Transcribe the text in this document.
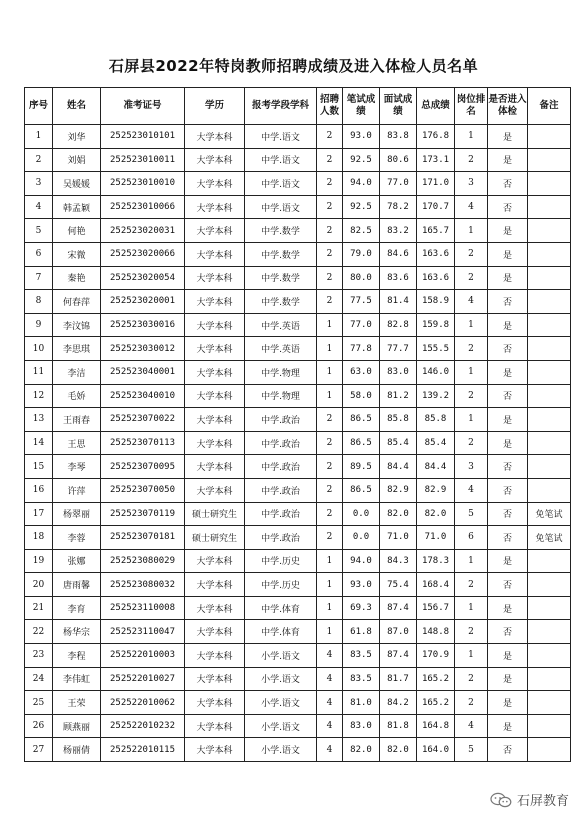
石屏县2022年特岗教师招聘成绩及进入体检人员名单
序号	姓名	准考证号	学历	报考学段学科	招聘人数	笔试成绩	面试成绩	总成绩	岗位排名	是否进入体检	备注
1	刘华	252523010101	大学本科	中学.语文	2	93.0	83.8	176.8	1	是	
2	刘娟	252523010011	大学本科	中学.语文	2	92.5	80.6	173.1	2	是	
3	吴媛媛	252523010010	大学本科	中学.语文	2	94.0	77.0	171.0	3	否	
4	韩孟颖	252523010066	大学本科	中学.语文	2	92.5	78.2	170.7	4	否	
5	何艳	252523020031	大学本科	中学.数学	2	82.5	83.2	165.7	1	是	
6	宋微	252523020066	大学本科	中学.数学	2	79.0	84.6	163.6	2	是	
7	秦艳	252523020054	大学本科	中学.数学	2	80.0	83.6	163.6	2	是	
8	何春萍	252523020001	大学本科	中学.数学	2	77.5	81.4	158.9	4	否	
9	李汶锦	252523030016	大学本科	中学.英语	1	77.0	82.8	159.8	1	是	
10	李思琪	252523030012	大学本科	中学.英语	1	77.8	77.7	155.5	2	否	
11	李洁	252523040001	大学本科	中学.物理	1	63.0	83.0	146.0	1	是	
12	毛娇	252523040010	大学本科	中学.物理	1	58.0	81.2	139.2	2	否	
13	王雨春	252523070022	大学本科	中学.政治	2	86.5	85.8	85.8	1	是	
14	王思	252523070113	大学本科	中学.政治	2	86.5	85.4	85.4	2	是	
15	李琴	252523070095	大学本科	中学.政治	2	89.5	84.4	84.4	3	否	
16	许萍	252523070050	大学本科	中学.政治	2	86.5	82.9	82.9	4	否	
17	杨翠丽	252523070119	硕士研究生	中学.政治	2	0.0	82.0	82.0	5	否	免笔试
18	李蓉	252523070181	硕士研究生	中学.政治	2	0.0	71.0	71.0	6	否	免笔试
19	张娜	252523080029	大学本科	中学.历史	1	94.0	84.3	178.3	1	是	
20	唐雨馨	252523080032	大学本科	中学.历史	1	93.0	75.4	168.4	2	否	
21	李育	252523110008	大学本科	中学.体育	1	69.3	87.4	156.7	1	是	
22	杨华宗	252523110047	大学本科	中学.体育	1	61.8	87.0	148.8	2	否	
23	李程	252522010003	大学本科	小学.语文	4	83.5	87.4	170.9	1	是	
24	李伟虹	252522010027	大学本科	小学.语文	4	83.5	81.7	165.2	2	是	
25	王荣	252522010062	大学本科	小学.语文	4	81.0	84.2	165.2	2	是	
26	顾燕丽	252522010232	大学本科	小学.语文	4	83.0	81.8	164.8	4	是	
27	杨丽倩	252522010115	大学本科	小学.语文	4	82.0	82.0	164.0	5	否	
石屏教育
